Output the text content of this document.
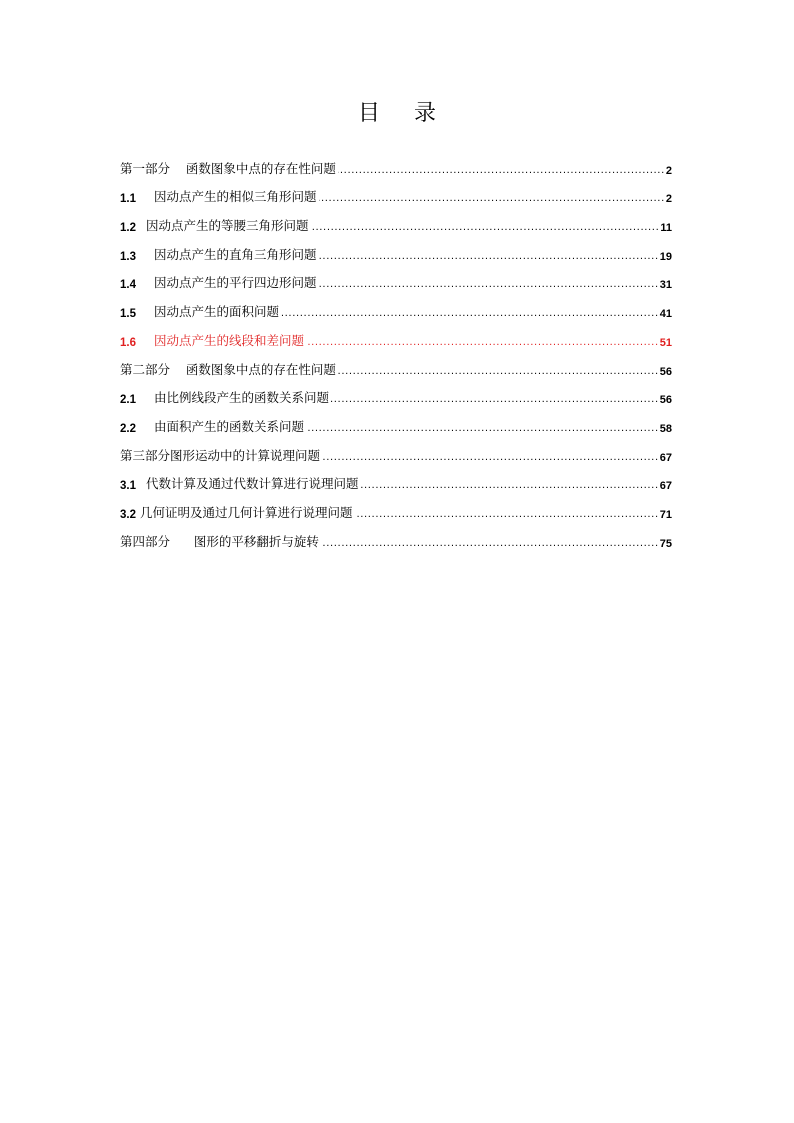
目 录
第一部分    函数图象中点的存在性问题 .....	2
1.1	因动点产生的相似三角形问题 .....	2
1.2 因动点产生的等腰三角形问题 .....	11
1.3	因动点产生的直角三角形问题 .....	19
1.4	因动点产生的平行四边形问题 .....	31
1.5	因动点产生的面积问题 .....	41
1.6	因动点产生的线段和差问题 .....	51
第二部分    函数图象中点的存在性问题 .....	56
2.1	由比例线段产生的函数关系问题 .....	56
2.2	由面积产生的函数关系问题 .....	58
第三部分图形运动中的计算说理问题 .....	67
3.1 代数计算及通过代数计算进行说理问题 .....	67
3.2 几何证明及通过几何计算进行说理问题 .....	71
第四部分      图形的平移翻折与旋转 .....	75
